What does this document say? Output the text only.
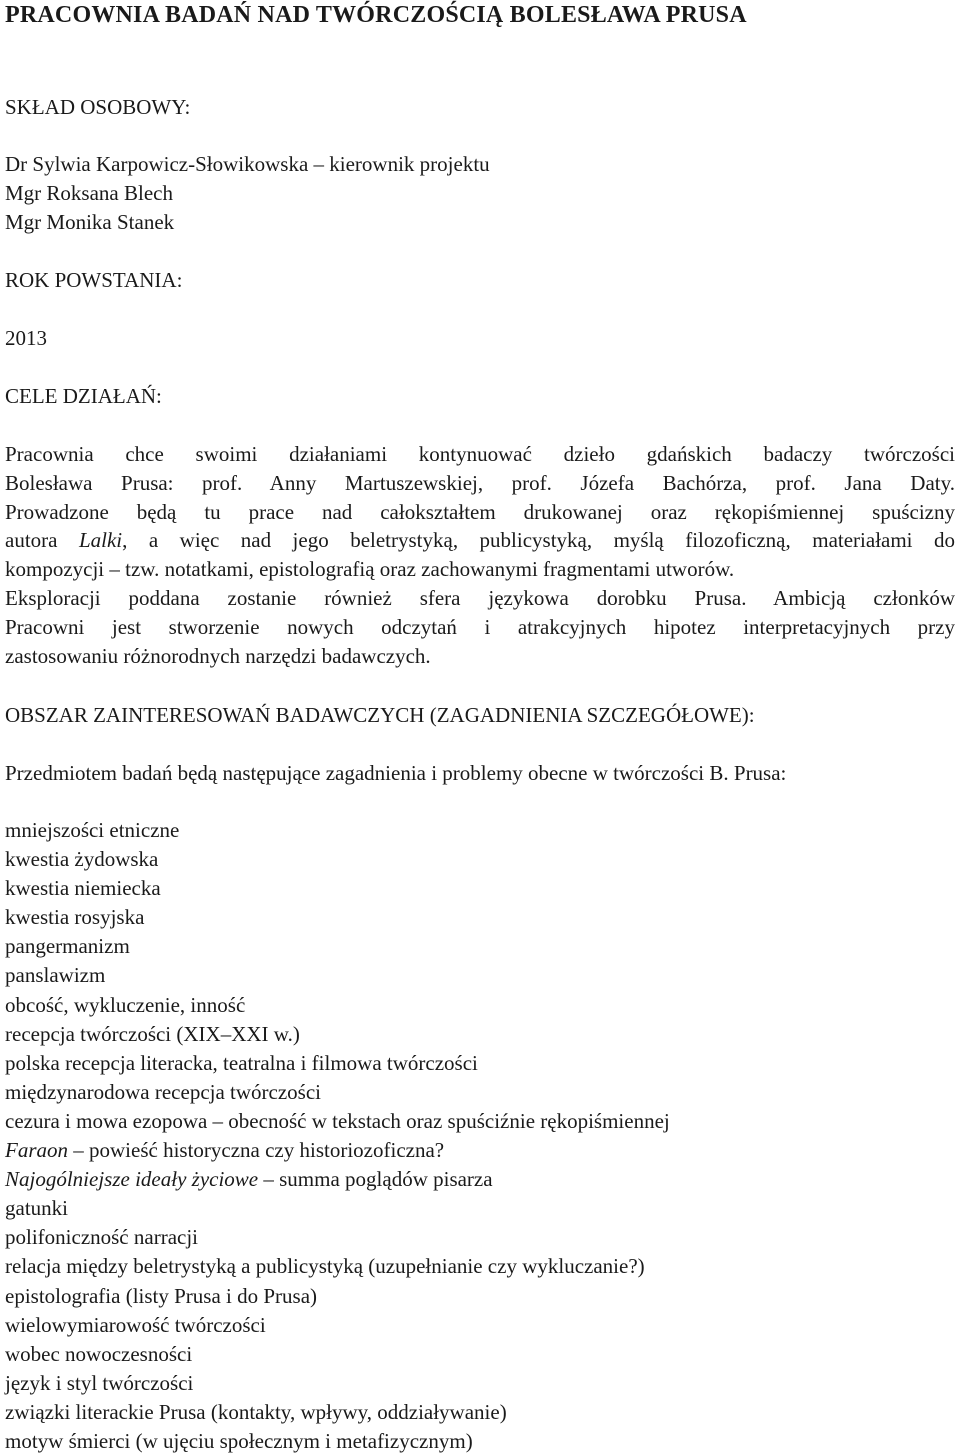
PRACOWNIA BADAŃ NAD TWÓRCZOŚCIĄ BOLESŁAWA PRUSA
SKŁAD OSOBOWY:
Dr Sylwia Karpowicz-Słowikowska – kierownik projektu
Mgr Roksana Blech
Mgr Monika Stanek
ROK POWSTANIA:
2013
CELE DZIAŁAŃ:
Pracownia chce swoimi działaniami kontynuować dzieło gdańskich badaczy twórczości
Bolesława Prusa: prof. Anny Martuszewskiej, prof. Józefa Bachórza, prof. Jana Daty.
Prowadzone będą tu prace nad całokształtem drukowanej oraz rękopiśmiennej spuścizny
autora Lalki, a więc nad jego beletrystyką, publicystyką, myślą filozoficzną, materiałami do
kompozycji – tzw. notatkami, epistolografią oraz zachowanymi fragmentami utworów.
Eksploracji poddana zostanie również sfera językowa dorobku Prusa. Ambicją członków
Pracowni jest stworzenie nowych odczytań i atrakcyjnych hipotez interpretacyjnych przy
zastosowaniu różnorodnych narzędzi badawczych.
OBSZAR ZAINTERESOWAŃ BADAWCZYCH (ZAGADNIENIA SZCZEGÓŁOWE):
Przedmiotem badań będą następujące zagadnienia i problemy obecne w twórczości B. Prusa:
mniejszości etniczne
kwestia żydowska
kwestia niemiecka
kwestia rosyjska
pangermanizm
panslawizm
obcość, wykluczenie, inność
recepcja twórczości (XIX–XXI w.)
polska recepcja literacka, teatralna i filmowa twórczości
międzynarodowa recepcja twórczości
cezura i mowa ezopowa – obecność w tekstach oraz spuściźnie rękopiśmiennej
Faraon – powieść historyczna czy historiozoficzna?
Najogólniejsze ideały życiowe – summa poglądów pisarza
gatunki
polifoniczność narracji
relacja między beletrystyką a publicystyką (uzupełnianie czy wykluczanie?)
epistolografia (listy Prusa i do Prusa)
wielowymiarowość twórczości
wobec nowoczesności
język i styl twórczości
związki literackie Prusa (kontakty, wpływy, oddziaływanie)
motyw śmierci (w ujęciu społecznym i metafizycznym)
